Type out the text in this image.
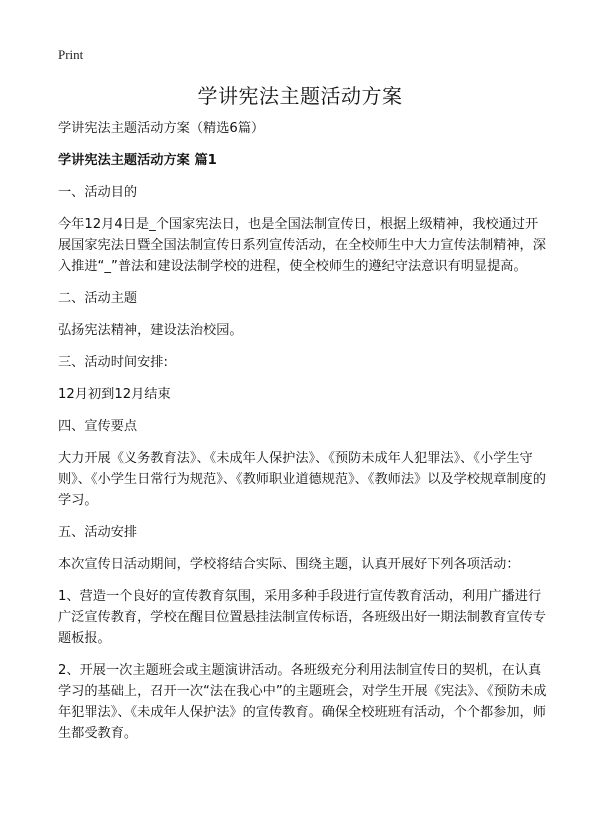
Print
学讲宪法主题活动方案

学讲宪法主题活动方案（精选6篇）

学讲宪法主题活动方案 篇1

一、活动目的

今年12月4日是_个国家宪法日，也是全国法制宣传日，根据上级精神，我校通过开展国家宪法日暨全国法制宣传日系列宣传活动，在全校师生中大力宣传法制精神，深入推进“_”普法和建设法制学校的进程，使全校师生的遵纪守法意识有明显提高。

二、活动主题

弘扬宪法精神，建设法治校园。

三、活动时间安排:

12月初到12月结束

四、宣传要点

大力开展《义务教育法》、《未成年人保护法》、《预防未成年人犯罪法》、《小学生守则》、《小学生日常行为规范》、《教师职业道德规范》、《教师法》以及学校规章制度的学习。

五、活动安排

本次宣传日活动期间，学校将结合实际、围绕主题，认真开展好下列各项活动：

1、营造一个良好的宣传教育氛围，采用多种手段进行宣传教育活动，利用广播进行广泛宣传教育，学校在醒目位置悬挂法制宣传标语，各班级出好一期法制教育宣传专题板报。

2、开展一次主题班会或主题演讲活动。各班级充分利用法制宣传日的契机，在认真学习的基础上，召开一次“法在我心中”的主题班会，对学生开展《宪法》、《预防未成年犯罪法》、《未成年人保护法》的宣传教育。确保全校班班有活动，个个都参加，师生都受教育。
